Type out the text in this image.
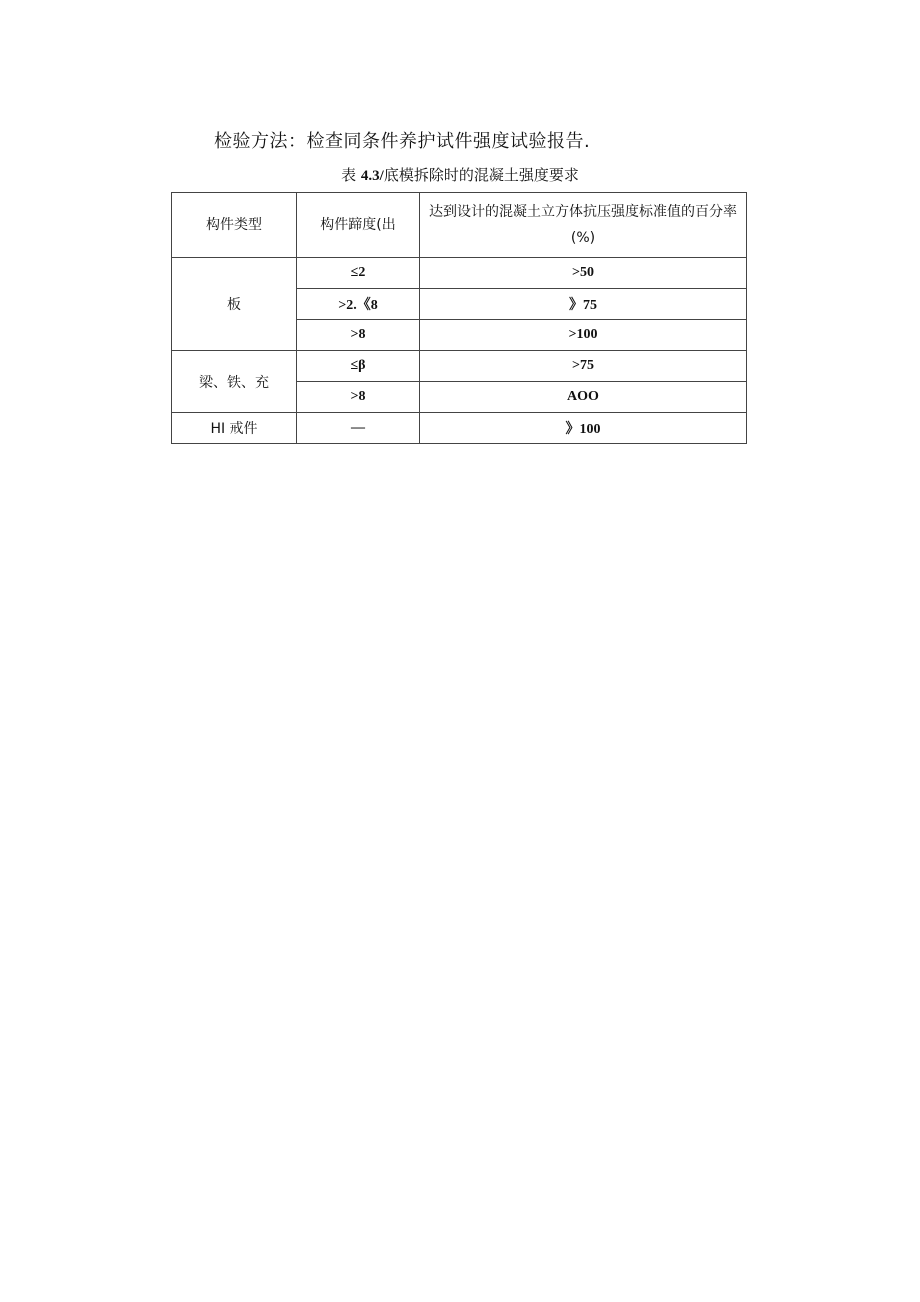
检验方法：检查同条件养护试件强度试验报告.
表 4.3/底模拆除时的混凝土强度要求
构件类型	构件蹄度(出	达到设计的混凝土立方体抗压强度标准值的百分率
(%)

板	≤2	>50
	>2.《8	》75
	>8	>100
梁、铁、充	≤β	>75
	>8	AOO
HI 戒件	—	》100
